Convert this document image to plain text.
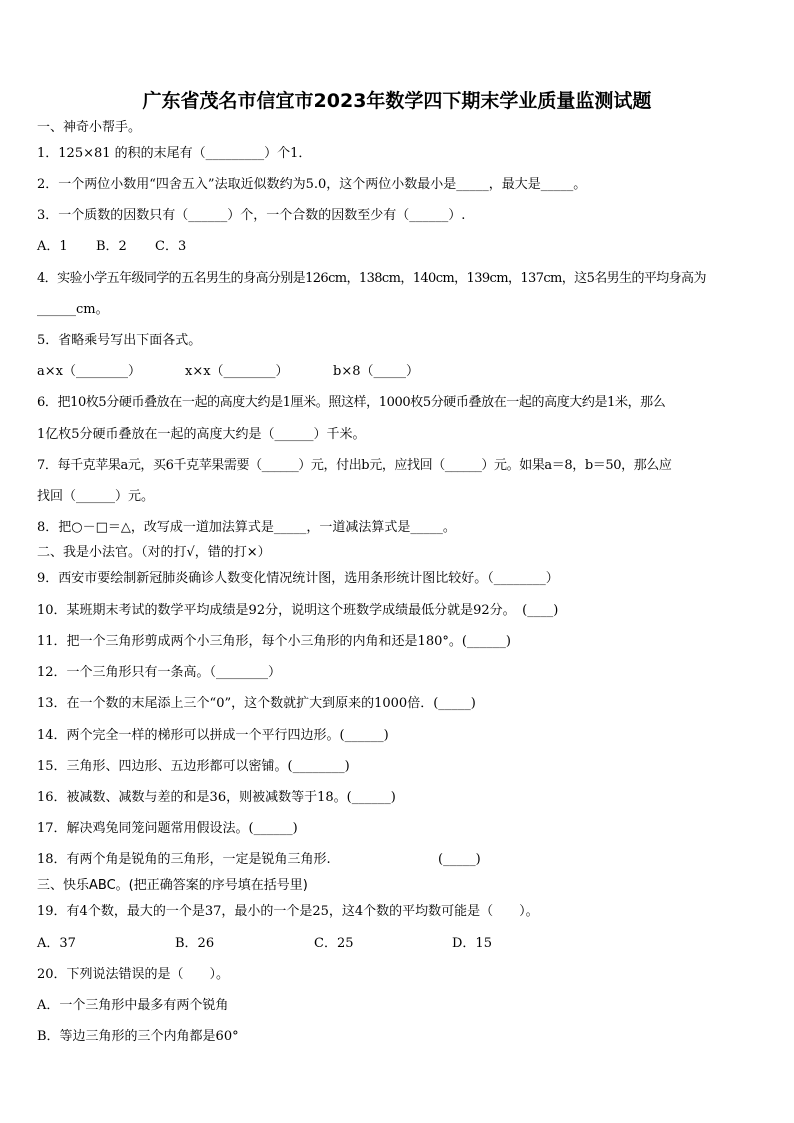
广东省茂名市信宜市2023年数学四下期末学业质量监测试题
一、神奇小帮手。
1．125×81 的积的末尾有（_________）个1．
2．一个两位小数用“四舍五入”法取近似数约为5.0，这个两位小数最小是_____，最大是_____。
3．一个质数的因数只有（______）个，一个合数的因数至少有（______）.
A．1 B．2 C．3
4．实验小学五年级同学的五名男生的身高分别是126cm，138cm，140cm，139cm，137cm，这5名男生的平均身高为
______cm。
5．省略乘号写出下面各式。
a×x（________）	x×x（________）	b×8（_____）
6．把10枚5分硬币叠放在一起的高度大约是1厘米。照这样，1000枚5分硬币叠放在一起的高度大约是1米，那么
1亿枚5分硬币叠放在一起的高度大约是（______）千米。
7．每千克苹果a元，买6千克苹果需要（______）元，付出b元，应找回（______）元。如果a＝8，b＝50，那么应
找回（______）元。
8．把○－□＝△，改写成一道加法算式是_____，一道减法算式是_____。
二、我是小法官。（对的打√，错的打×）
9．西安市要绘制新冠肺炎确诊人数变化情况统计图，选用条形统计图比较好。（________）
10．某班期末考试的数学平均成绩是92分，说明这个班数学成绩最低分就是92分。　(____)
11．把一个三角形剪成两个小三角形，每个小三角形的内角和还是180°。(______)
12．一个三角形只有一条高。（________）
13．在一个数的末尾添上三个“0”，这个数就扩大到原来的1000倍．(_____)
14．两个完全一样的梯形可以拼成一个平行四边形。(______)
15．三角形、四边形、五边形都可以密铺。(________)
16．被减数、减数与差的和是36，则被减数等于18。(______)
17．解决鸡兔同笼问题常用假设法。(______)
18．有两个角是锐角的三角形，一定是锐角三角形.	(_____)
三、快乐ABC。(把正确答案的序号填在括号里)
19．有4个数，最大的一个是37，最小的一个是25，这4个数的平均数可能是（　　）。
A．37	B．26	C．25	D．15
20．下列说法错误的是（　　）。
A．一个三角形中最多有两个锐角
B．等边三角形的三个内角都是60°
